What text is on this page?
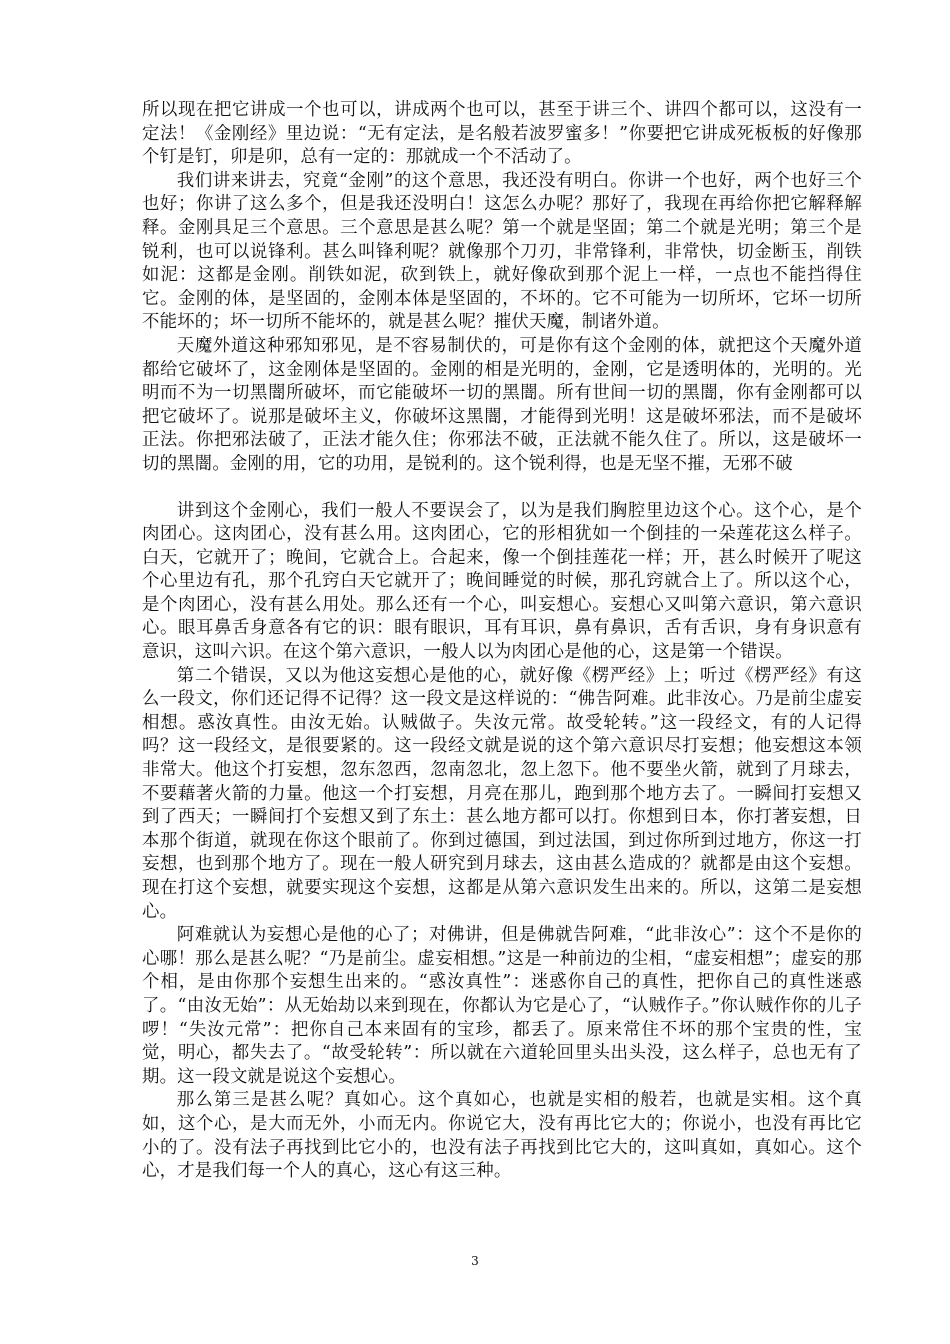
所以现在把它讲成一个也可以，讲成两个也可以，甚至于讲三个、讲四个都可以，这没有一定法！《金刚经》里边说：“无有定法，是名般若波罗蜜多！”你要把它讲成死板板的好像那个钉是钉，卯是卯，总有一定的：那就成一个不活动了。

我们讲来讲去，究竟“金刚”的这个意思，我还没有明白。你讲一个也好，两个也好三个也好；你讲了这么多个，但是我还没明白！这怎么办呢？那好了，我现在再给你把它解释解释。金刚具足三个意思。三个意思是甚么呢？第一个就是坚固；第二个就是光明；第三个是锐利，也可以说锋利。甚么叫锋利呢？就像那个刀刃，非常锋利，非常快，切金断玉，削铁如泥：这都是金刚。削铁如泥，砍到铁上，就好像砍到那个泥上一样，一点也不能挡得住它。金刚的体，是坚固的，金刚本体是坚固的，不坏的。它不可能为一切所坏，它坏一切所不能坏的；坏一切所不能坏的，就是甚么呢？摧伏天魔，制诸外道。

天魔外道这种邪知邪见，是不容易制伏的，可是你有这个金刚的体，就把这个天魔外道都给它破坏了，这金刚体是坚固的。金刚的相是光明的，金刚，它是透明体的，光明的。光明而不为一切黑闇所破坏，而它能破坏一切的黑闇。所有世间一切的黑闇，你有金刚都可以把它破坏了。说那是破坏主义，你破坏这黑闇，才能得到光明！这是破坏邪法，而不是破坏正法。你把邪法破了，正法才能久住；你邪法不破，正法就不能久住了。所以，这是破坏一切的黑闇。金刚的用，它的功用，是锐利的。这个锐利得，也是无坚不摧，无邪不破

讲到这个金刚心，我们一般人不要误会了，以为是我们胸腔里边这个心。这个心，是个肉团心。这肉团心，没有甚么用。这肉团心，它的形相犹如一个倒挂的一朵莲花这么样子。白天，它就开了；晚间，它就合上。合起来，像一个倒挂莲花一样；开，甚么时候开了呢这个心里边有孔，那个孔窍白天它就开了；晚间睡觉的时候，那孔窍就合上了。所以这个心，是个肉团心，没有甚么用处。那么还有一个心，叫妄想心。妄想心又叫第六意识，第六意识心。眼耳鼻舌身意各有它的识：眼有眼识，耳有耳识，鼻有鼻识，舌有舌识，身有身识意有意识，这叫六识。在这个第六意识，一般人以为肉团心是他的心，这是第一个错误。

第二个错误，又以为他这妄想心是他的心，就好像《楞严经》上；听过《楞严经》有这么一段文，你们还记得不记得？这一段文是这样说的：“佛告阿难。此非汝心。乃是前尘虚妄相想。惑汝真性。由汝无始。认贼做子。失汝元常。故受轮转。”这一段经文，有的人记得吗？这一段经文，是很要紧的。这一段经文就是说的这个第六意识尽打妄想；他妄想这本领非常大。他这个打妄想，忽东忽西，忽南忽北，忽上忽下。他不要坐火箭，就到了月球去，不要藉著火箭的力量。他这一个打妄想，月亮在那儿，跑到那个地方去了。一瞬间打妄想又到了西天；一瞬间打个妄想又到了东土：甚么地方都可以打。你想到日本，你打著妄想，日本那个街道，就现在你这个眼前了。你到过德国，到过法国，到过你所到过地方，你这一打妄想，也到那个地方了。现在一般人研究到月球去，这由甚么造成的？就都是由这个妄想。现在打这个妄想，就要实现这个妄想，这都是从第六意识发生出来的。所以，这第二是妄想心。

阿难就认为妄想心是他的心了；对佛讲，但是佛就告阿难，“此非汝心”：这个不是你的心哪！那么是甚么呢？“乃是前尘。虚妄相想。”这是一种前边的尘相，“虚妄相想”；虚妄的那个相，是由你那个妄想生出来的。“惑汝真性”：迷惑你自己的真性，把你自己的真性迷惑了。“由汝无始”：从无始劫以来到现在，你都认为它是心了，“认贼作子。”你认贼作你的儿子啰！“失汝元常”：把你自己本来固有的宝珍，都丢了。原来常住不坏的那个宝贵的性，宝觉，明心，都失去了。“故受轮转”：所以就在六道轮回里头出头没，这么样子，总也无有了期。这一段文就是说这个妄想心。

那么第三是甚么呢？真如心。这个真如心，也就是实相的般若，也就是实相。这个真如，这个心，是大而无外，小而无内。你说它大，没有再比它大的；你说小，也没有再比它小的了。没有法子再找到比它小的，也没有法子再找到比它大的，这叫真如，真如心。这个心，才是我们每一个人的真心，这心有这三种。

3
